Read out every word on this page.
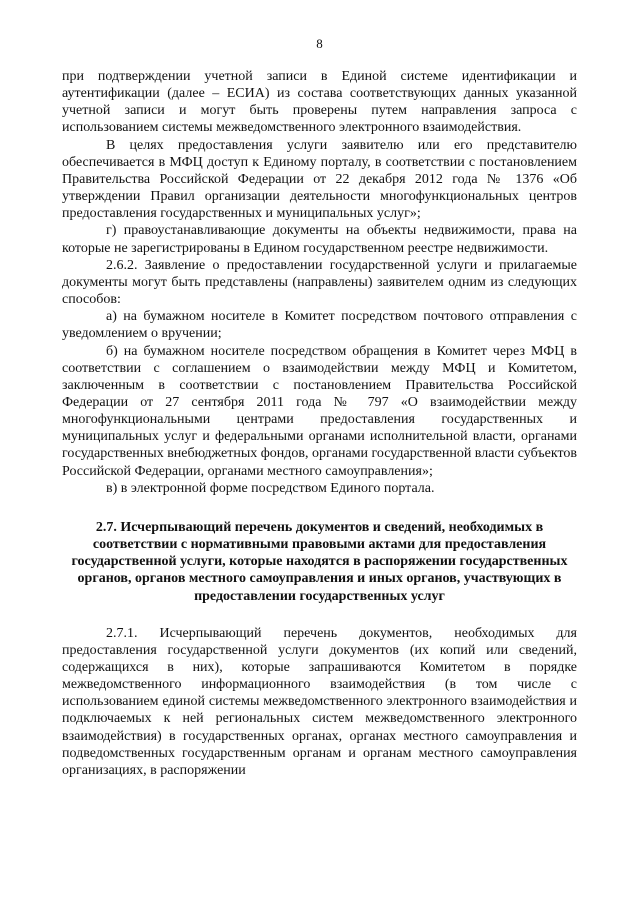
8

при подтверждении учетной записи в Единой системе идентификации и аутентификации (далее – ЕСИА) из состава соответствующих данных указанной учетной записи и могут быть проверены путем направления запроса с использованием системы межведомственного электронного взаимодействия.

В целях предоставления услуги заявителю или его представителю обеспечивается в МФЦ доступ к Единому порталу, в соответствии с постановлением Правительства Российской Федерации от 22 декабря 2012 года № 1376 «Об утверждении Правил организации деятельности многофункциональных центров предоставления государственных и муниципальных услуг»;

г) правоустанавливающие документы на объекты недвижимости, права на которые не зарегистрированы в Едином государственном реестре недвижимости.

2.6.2. Заявление о предоставлении государственной услуги и прилагаемые документы могут быть представлены (направлены) заявителем одним из следующих способов:

а) на бумажном носителе в Комитет посредством почтового отправления с уведомлением о вручении;

б) на бумажном носителе посредством обращения в Комитет через МФЦ в соответствии с соглашением о взаимодействии между МФЦ и Комитетом, заключенным в соответствии с постановлением Правительства Российской Федерации от 27 сентября 2011 года № 797 «О взаимодействии между многофункциональными центрами предоставления государственных и муниципальных услуг и федеральными органами исполнительной власти, органами государственных внебюджетных фондов, органами государственной власти субъектов Российской Федерации, органами местного самоуправления»;

в) в электронной форме посредством Единого портала.

2.7. Исчерпывающий перечень документов и сведений, необходимых в соответствии с нормативными правовыми актами для предоставления государственной услуги, которые находятся в распоряжении государственных органов, органов местного самоуправления и иных органов, участвующих в предоставлении государственных услуг

2.7.1. Исчерпывающий перечень документов, необходимых для предоставления государственной услуги документов (их копий или сведений, содержащихся в них), которые запрашиваются Комитетом в порядке межведомственного информационного взаимодействия (в том числе с использованием единой системы межведомственного электронного взаимодействия и подключаемых к ней региональных систем межведомственного электронного взаимодействия) в государственных органах, органах местного самоуправления и подведомственных государственным органам и органам местного самоуправления организациях, в распоряжении
